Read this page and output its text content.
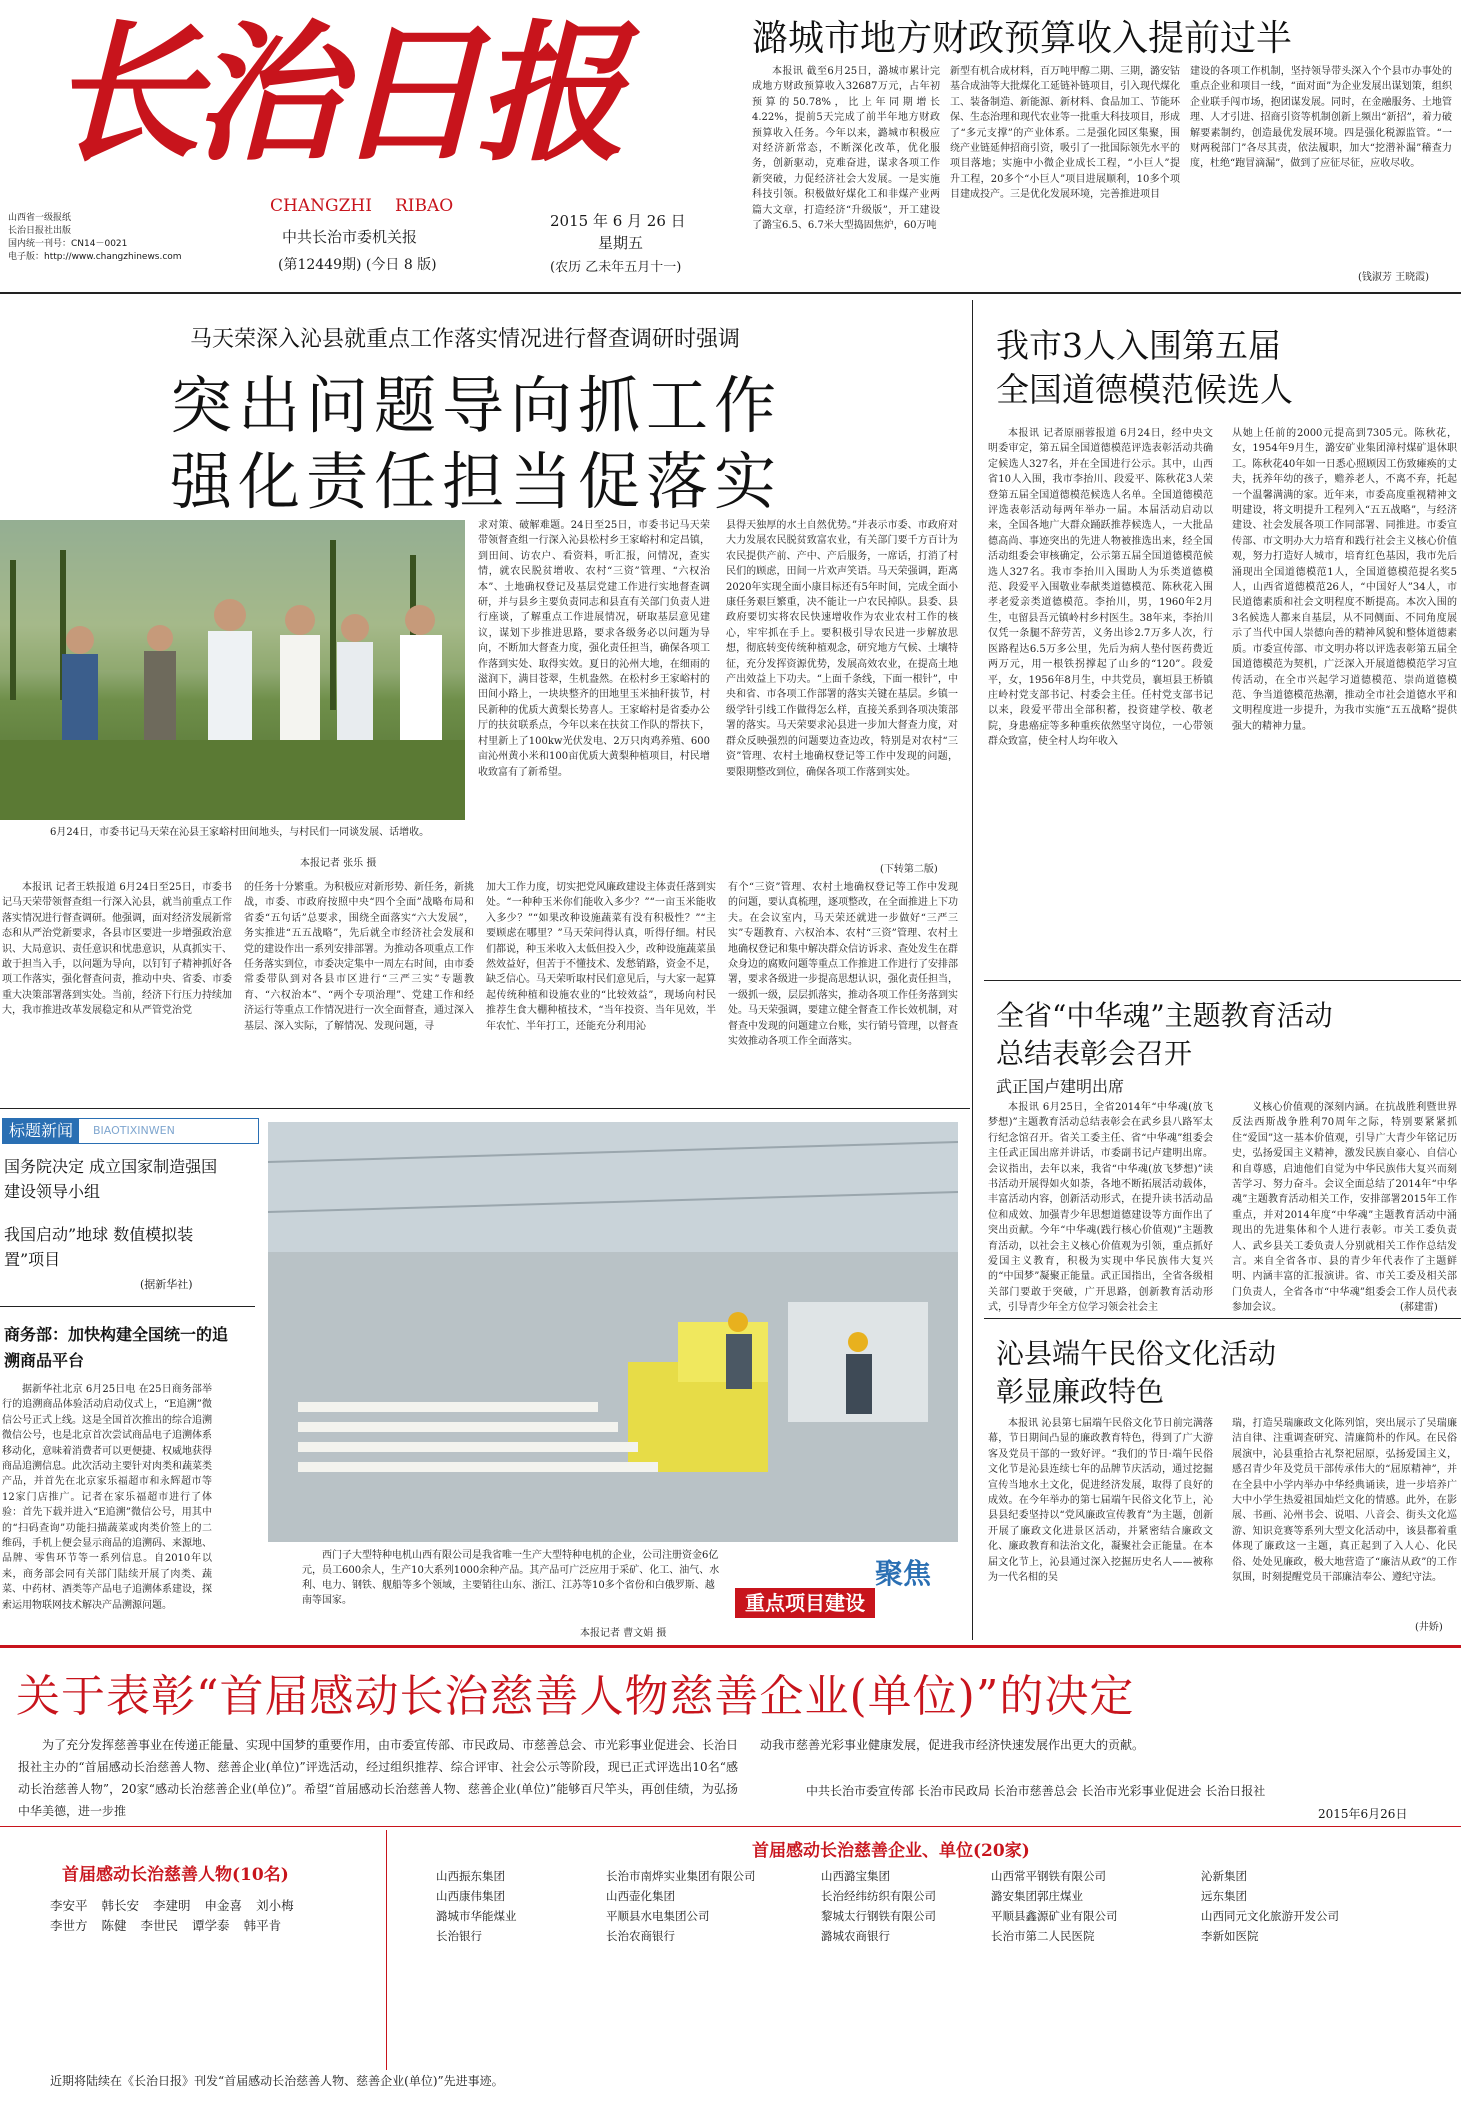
长治日报
CHANGZHI RIBAO
山西省一级报纸
长治日报社出版
国内统一刊号：CN14－0021
电子版：http://www.changzhinews.com
中共长治市委机关报
(第12449期) (今日 8 版)
2015 年 6 月 26 日
星期五
(农历 乙未年五月十一)
潞城市地方财政预算收入提前过半

本报讯 截至6月25日，潞城市累计完成地方财政预算收入32687万元，占年初预算的50.78%，比上年同期增长4.22%，提前5天完成了前半年地方财政预算收入任务。今年以来，潞城市积极应对经济新常态，不断深化改革，优化服务，创新驱动，克难奋进，谋求各项工作新突破，力促经济社会大发展。一是实施科技引领。积极做好煤化工和非煤产业两篇大文章，打造经济“升级版”，开工建设了潞宝6.5、6.7米大型捣固焦炉，60万吨

新型有机合成材料，百万吨甲醇二期、三期，潞安钴基合成油等大批煤化工延链补链项目，引入现代煤化工、装备制造、新能源、新材料、食品加工、节能环保、生态治理和现代农业等一批重大科技项目，形成了“多元支撑”的产业体系。二是强化园区集聚，围绕产业链延伸招商引资，吸引了一批国际领先水平的项目落地；实施中小微企业成长工程，“小巨人”提升工程，20多个“小巨人”项目进展顺利，10多个项目建成投产。三是优化发展环境，完善推进项目

建设的各项工作机制，坚持领导带头深入个个县市办事处的重点企业和项目一线，“面对面”为企业发展出谋划策，组织企业联手闯市场，抱团谋发展。同时，在金融服务、土地管理、人才引进、招商引资等机制创新上频出“新招”，着力破解要素制约，创造最优发展环境。四是强化税源监管。“一财两税部门”各尽其责，依法履职，加大“挖潜补漏”稽查力度，杜绝“跑冒滴漏”，做到了应征尽征，应收尽收。

(钱淑芳 王晓霞)
马天荣深入沁县就重点工作落实情况进行督查调研时强调
突出问题导向抓工作
强化责任担当促落实
6月24日，市委书记马天荣在沁县王家峪村田间地头，与村民们一同谈发展、话增收。
本报记者 张乐 摄

求对策、破解难题。24日至25日，市委书记马天荣带领督查组一行深入沁县松村乡王家峪村和定昌镇，到田间、访农户、看资料，听汇报，问情况，查实情，就农民脱贫增收、农村“三资”管理、“六权治本”、土地确权登记及基层党建工作进行实地督查调研，并与县乡主要负责同志和县直有关部门负责人进行座谈，了解重点工作进展情况，研取基层意见建议，谋划下步推进思路，要求各级务必以问题为导向，不断加大督查力度，强化责任担当，确保各项工作落到实处、取得实效。夏日的沁州大地，在细雨的滋润下，满目苍翠，生机盎然。在松村乡王家峪村的田间小路上，一块块整齐的田地里玉米抽秆拔节，村民新种的优质大黄梨长势喜人。王家峪村是省委办公厅的扶贫联系点，今年以来在扶贫工作队的帮扶下，村里新上了100kw光伏发电、2万只肉鸡养殖、600亩沁州黄小米和100亩优质大黄梨种植项目，村民增收致富有了新希望。

县得天独厚的水土自然优势。”并表示市委、市政府对大力发展农民脱贫致富农业，有关部门要千方百计为农民提供产前、产中、产后服务，一席话，打消了村民们的顾虑，田间一片欢声笑语。马天荣强调，距离2020年实现全面小康目标还有5年时间，完成全面小康任务艰巨繁重，决不能让一户农民掉队。县委、县政府要切实将农民快速增收作为农业农村工作的核心，牢牢抓在手上。要积极引导农民进一步解放思想，彻底转变传统种植观念，研究地方气候、土壤特征，充分发挥资源优势，发展高效农业，在提高土地产出效益上下功夫。“上面千条线，下面一根针”，中央和省、市各项工作部署的落实关键在基层。乡镇一级学针引线工作做得怎么样，直接关系到各项决策部署的落实。马天荣要求沁县进一步加大督查力度，对群众反映强烈的问题要边查边改，特别是对农村“三资”管理、农村土地确权登记等工作中发现的问题，要限期整改到位，确保各项工作落到实处。

(下转第二版)

本报讯 记者王轶报道 6月24日至25日，市委书记马天荣带领督查组一行深入沁县，就当前重点工作落实情况进行督查调研。他强调，面对经济发展新常态和从严治党新要求，各县市区要进一步增强政治意识、大局意识、责任意识和忧患意识，从真抓实干、敢于担当入手，以问题为导向，以钉钉子精神抓好各项工作落实，强化督查问责，推动中央、省委、市委重大决策部署落到实处。当前，经济下行压力持续加大，我市推进改革发展稳定和从严管党治党

的任务十分繁重。为积极应对新形势、新任务，新挑战，市委、市政府按照中央“四个全面”战略布局和省委“五句话”总要求，围绕全面落实“六大发展”，务实推进“五五战略”，先后就全市经济社会发展和党的建设作出一系列安排部署。为推动各项重点工作任务落实到位，市委决定集中一周左右时间，由市委常委带队到对各县市区进行“三严三实”专题教育、“六权治本”、“两个专项治理”、党建工作和经济运行等重点工作情况进行一次全面督查，通过深入基层、深入实际，了解情况、发现问题，寻

加大工作力度，切实把党风廉政建设主体责任落到实处。“一种种玉米你们能收入多少？”“一亩玉米能收入多少？”“如果改种设施蔬菜有没有积极性？”“主要顾虑在哪里？”马天荣问得认真，听得仔细。村民们都说，种玉米收入太低但投入少，改种设施蔬菜虽然效益好，但苦于不懂技术、发愁销路，资金不足，缺乏信心。马天荣听取村民们意见后，与大家一起算起传统种植和设施农业的“比较效益”，现场向村民推荐生食大棚种植技术，“当年投资、当年见效，半年农忙、半年打工，还能充分利用沁

有个“三资”管理、农村土地确权登记等工作中发现的问题，要认真梳理，逐项整改，在全面推进上下功夫。在会议室内，马天荣还就进一步做好“三严三实”专题教育、六权治本、农村“三资”管理、农村土地确权登记和集中解决群众信访诉求、查处发生在群众身边的腐败问题等重点工作推进工作进行了安排部署，要求各级进一步提高思想认识，强化责任担当，一级抓一级，层层抓落实，推动各项工作任务落到实处。马天荣强调，要建立健全督查工作长效机制，对督查中发现的问题建立台账，实行销号管理，以督查实效推动各项工作全面落实。

标题新闻	BIAOTIXINWEN
国务院决定 成立国家制造强国建设领导小组
我国启动”地球 数值模拟装置”项目
(据新华社)
商务部：加快构建全国统一的追溯商品平台

据新华社北京 6月25日电 在25日商务部举行的追溯商品体验活动启动仪式上，“E追溯”微信公号正式上线。这是全国首次推出的综合追溯微信公号，也是北京首次尝试商品电子追溯体系移动化，意味着消费者可以更便捷、权威地获得商品追溯信息。此次活动主要针对肉类和蔬菜类产品，并首先在北京家乐福超市和永辉超市等12家门店推广。记者在家乐福超市进行了体验：首先下载并进入“E追溯”微信公号，用其中的“扫码查询”功能扫描蔬菜或肉类价签上的二维码，手机上便会显示商品的追溯码、来源地、品牌、零售环节等一系列信息。自2010年以来，商务部会同有关部门陆续开展了肉类、蔬菜、中药材、酒类等产品电子追溯体系建设，探索运用物联网技术解决产品溯源问题。

西门子大型特种电机山西有限公司是我省唯一生产大型特种电机的企业，公司注册资金6亿元，员工600余人，生产10大系列1000余种产品。其产品可广泛应用于采矿、化工、油气、水利、电力、钢铁、舰船等多个领域，主要销往山东、浙江、江苏等10多个省份和白俄罗斯、越南等国家。
本报记者 曹文娟 摄
聚焦
重点项目建设
我市3人入围第五届
全国道德模范候选人

本报讯 记者原丽蓉报道 6月24日，经中央文明委审定，第五届全国道德模范评选表彰活动共确定候选人327名，并在全国进行公示。其中，山西省10人入围，我市李抬川、段爱平、陈秋花3人荣登第五届全国道德模范候选人名单。全国道德模范评选表彰活动每两年举办一届。本届活动启动以来，全国各地广大群众踊跃推荐候选人，一大批品德高尚、事迹突出的先进人物被推选出来，经全国活动组委会审核确定，公示第五届全国道德模范候选人327名。我市李抬川入围助人为乐类道德模范、段爱平入围敬业奉献类道德模范、陈秋花入围孝老爱亲类道德模范。李抬川，男，1960年2月生，屯留县吾元镇岭村乡村医生。38年来，李抬川仅凭一条腿不辞劳苦，义务出诊2.7万多人次，行医路程达6.5万多公里，先后为病人垫付医药费近两万元，用一根铁拐撑起了山乡的“120”。段爱平，女，1956年8月生，中共党员，襄垣县王桥镇庄岭村党支部书记、村委会主任。任村党支部书记以来，段爱平带出全部积蓄，投资建学校、敬老院，身患癌症等多种重疾依然坚守岗位，一心带领群众致富，使全村人均年收入

从她上任前的2000元提高到7305元。陈秋花，女，1954年9月生，潞安矿业集团漳村煤矿退休职工。陈秋花40年如一日悉心照顾因工伤致瘫痪的丈夫，抚养年幼的孩子，赡养老人，不离不弃，托起一个温馨满满的家。近年来，市委高度重视精神文明建设，将文明提升工程列入“五五战略”，与经济建设、社会发展各项工作同部署、同推进。市委宣传部、市文明办大力培育和践行社会主义核心价值观，努力打造好人城市，培育红色基因，我市先后涌现出全国道德模范1人，全国道德模范提名奖5人，山西省道德模范26人，“中国好人”34人，市民道德素质和社会文明程度不断提高。本次入围的3名候选人都来自基层，从不同侧面、不同角度展示了当代中国人崇德向善的精神风貌和整体道德素质。市委宣传部、市文明办将以评选表彰第五届全国道德模范为契机，广泛深入开展道德模范学习宣传活动，在全市兴起学习道德模范、崇尚道德模范、争当道德模范热潮，推动全市社会道德水平和文明程度进一步提升，为我市实施“五五战略”提供强大的精神力量。

全省“中华魂”主题教育活动
总结表彰会召开
武正国卢建明出席

本报讯 6月25日，全省2014年“中华魂(放飞梦想)”主题教育活动总结表彰会在武乡县八路军太行纪念馆召开。省关工委主任、省“中华魂”组委会主任武正国出席并讲话，市委副书记卢建明出席。会议指出，去年以来，我省“中华魂(放飞梦想)”读书活动开展得如火如荼，各地不断拓展活动载体，丰富活动内容，创新活动形式，在提升读书活动品位和成效、加强青少年思想道德建设等方面作出了突出贡献。今年“中华魂(践行核心价值观)”主题教育活动，以社会主义核心价值观为引领，重点抓好爱国主义教育，积极为实现中华民族伟大复兴的“中国梦”凝聚正能量。武正国指出，全省各级相关部门要敢于突破，广开思路，创新教育活动形式，引导青少年全方位学习领会社会主

义核心价值观的深刻内涵。在抗战胜利暨世界反法西斯战争胜利70周年之际，特别要紧紧抓住“爱国”这一基本价值观，引导广大青少年铭记历史，弘扬爱国主义精神，激发民族自豪心、自信心和自尊感，启迪他们自觉为中华民族伟大复兴而刻苦学习、努力奋斗。会议全面总结了2014年“中华魂”主题教育活动相关工作，安排部署2015年工作重点，并对2014年度“中华魂”主题教育活动中涌现出的先进集体和个人进行表彰。市关工委负责人、武乡县关工委负责人分别就相关工作作总结发言。来自全省各市、县的青少年代表作了主题鲜明、内涵丰富的汇报演讲。省、市关工委及相关部门负责人，全省各市“中华魂”组委会工作人员代表参加会议。	(郝建雷)
沁县端午民俗文化活动
彰显廉政特色

本报讯 沁县第七届端午民俗文化节日前完满落幕，节日期间凸显的廉政教育特色，得到了广大游客及党员干部的一致好评。“我们的节日·端午民俗文化节是沁县连续七年的品牌节庆活动，通过挖掘宣传当地水土文化，促进经济发展，取得了良好的成效。在今年举办的第七届端午民俗文化节上，沁县县纪委坚持以“党风廉政宣传教育”为主题，创新开展了廉政文化进景区活动，并紧密结合廉政文化、廉政教育和法治文化，凝聚社会正能量。在本届文化节上，沁县通过深入挖掘历史名人——被称为一代名相的吴

瑞，打造吴瑞廉政文化陈列馆，突出展示了吴瑞廉洁自律、注重调查研究、清廉简朴的作风。在民俗展演中，沁县重拾古礼祭祀屈原，弘扬爱国主义，感召青少年及党员干部传承伟大的“屈原精神”，并在全县中小学内举办中华经典诵读，进一步培养广大中小学生热爱祖国灿烂文化的情感。此外，在影展、书画、沁州书会、说唱、八音会、街头文化巡游、知识竞赛等系列大型文化活动中，该县都着重体现了廉政这一主题，真正起到了入人心、化民俗、处处见廉政，极大地营造了“廉洁从政”的工作氛围，时刻提醒党员干部廉洁奉公、遵纪守法。

(井娇)
关于表彰“首届感动长治慈善人物慈善企业(单位)”的决定

为了充分发挥慈善事业在传递正能量、实现中国梦的重要作用，由市委宣传部、市民政局、市慈善总会、市光彩事业促进会、长治日报社主办的“首届感动长治慈善人物、慈善企业(单位)”评选活动，经过组织推荐、综合评审、社会公示等阶段，现已正式评选出10名“感动长治慈善人物”，20家“感动长治慈善企业(单位)”。希望“首届感动长治慈善人物、慈善企业(单位)”能够百尺竿头，再创佳绩，为弘扬中华美德，进一步推

动我市慈善光彩事业健康发展，促进我市经济快速发展作出更大的贡献。

中共长治市委宣传部 长治市民政局 长治市慈善总会 长治市光彩事业促进会 长治日报社
2015年6月26日
首届感动长治慈善人物(10名)
李安平 韩长安 李建明 申金喜 刘小梅
李世方 陈健 李世民 谭学泰 韩平肯
首届感动长治慈善企业、单位(20家)
山西振东集团	长治市南烨实业集团有限公司	山西潞宝集团	山西常平钢铁有限公司	沁新集团
山西康伟集团	山西壶化集团	长治经纬纺织有限公司	潞安集团郭庄煤业	远东集团
潞城市华能煤业	平顺县水电集团公司	黎城太行钢铁有限公司	平顺县鑫源矿业有限公司	山西同元文化旅游开发公司
长治银行	长治农商银行	潞城农商银行	长治市第二人民医院	李新如医院
近期将陆续在《长治日报》刊发“首届感动长治慈善人物、慈善企业(单位)”先进事迹。
